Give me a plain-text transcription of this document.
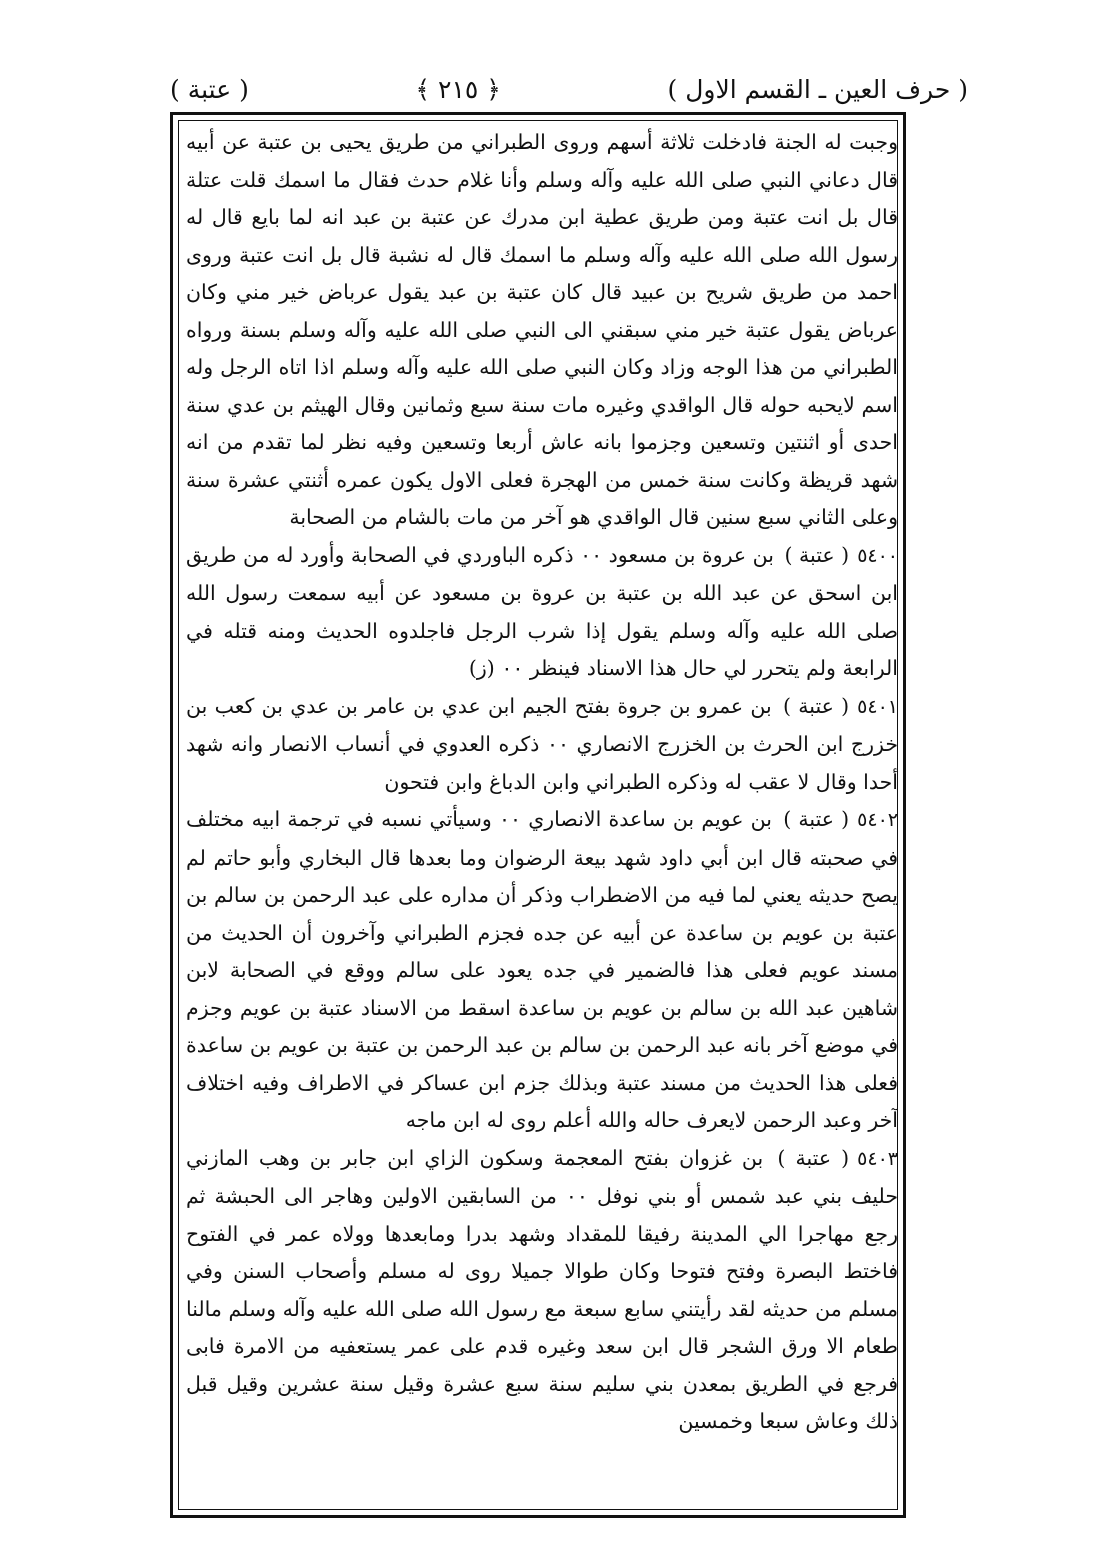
( حرف العين ـ القسم الاول )
﴿ ٢١٥ ﴾
( عتبة )

وجبت له الجنة فادخلت ثلاثة أسهم وروى الطبراني من طريق يحيى بن عتبة عن أبيه قال دعاني النبي صلى الله عليه وآله وسلم وأنا غلام حدث فقال ما اسمك قلت عتلة قال بل انت عتبة ومن طريق عطية ابن مدرك عن عتبة بن عبد انه لما بايع قال له رسول الله صلى الله عليه وآله وسلم ما اسمك قال له نشبة قال بل انت عتبة وروى احمد من طريق شريح بن عبيد قال كان عتبة بن عبد يقول عرباض خير مني وكان عرباض يقول عتبة خير مني سبقني الى النبي صلى الله عليه وآله وسلم بسنة ورواه الطبراني من هذا الوجه وزاد وكان النبي صلى الله عليه وآله وسلم اذا اتاه الرجل وله اسم لايحبه حوله قال الواقدي وغيره مات سنة سبع وثمانين وقال الهيثم بن عدي سنة احدى أو اثنتين وتسعين وجزموا بانه عاش أربعا وتسعين وفيه نظر لما تقدم من انه شهد قريظة وكانت سنة خمس من الهجرة فعلى الاول يكون عمره أثنتي عشرة سنة وعلى الثاني سبع سنين قال الواقدي هو آخر من مات بالشام من الصحابة

٥٤٠٠( عتبة ) بن عروة بن مسعود ٠٠ ذكره الباوردي في الصحابة وأورد له من طريق ابن اسحق عن عبد الله بن عتبة بن عروة بن مسعود عن أبيه سمعت رسول الله صلى الله عليه وآله وسلم يقول إذا شرب الرجل فاجلدوه الحديث ومنه قتله في الرابعة ولم يتحرر لي حال هذا الاسناد فينظر ٠٠ (ز)

٥٤٠١( عتبة ) بن عمرو بن جروة بفتح الجيم ابن عدي بن عامر بن عدي بن كعب بن خزرج ابن الحرث بن الخزرج الانصاري ٠٠ ذكره العدوي في أنساب الانصار وانه شهد أحدا وقال لا عقب له وذكره الطبراني وابن الدباغ وابن فتحون

٥٤٠٢( عتبة ) بن عويم بن ساعدة الانصاري ٠٠ وسيأتي نسبه في ترجمة ابيه مختلف في صحبته قال ابن أبي داود شهد بيعة الرضوان وما بعدها قال البخاري وأبو حاتم لم يصح حديثه يعني لما فيه من الاضطراب وذكر أن مداره على عبد الرحمن بن سالم بن عتبة بن عويم بن ساعدة عن أبيه عن جده فجزم الطبراني وآخرون أن الحديث من مسند عويم فعلى هذا فالضمير في جده يعود على سالم ووقع في الصحابة لابن شاهين عبد الله بن سالم بن عويم بن ساعدة اسقط من الاسناد عتبة بن عويم وجزم في موضع آخر بانه عبد الرحمن بن سالم بن عبد الرحمن بن عتبة بن عويم بن ساعدة فعلى هذا الحديث من مسند عتبة وبذلك جزم ابن عساكر في الاطراف وفيه اختلاف آخر وعبد الرحمن لايعرف حاله والله أعلم روى له ابن ماجه

٥٤٠٣( عتبة ) بن غزوان بفتح المعجمة وسكون الزاي ابن جابر بن وهب المازني حليف بني عبد شمس أو بني نوفل ٠٠ من السابقين الاولين وهاجر الى الحبشة ثم رجع مهاجرا الي المدينة رفيقا للمقداد وشهد بدرا ومابعدها وولاه عمر في الفتوح فاختط البصرة وفتح فتوحا وكان طوالا جميلا روى له مسلم وأصحاب السنن وفي مسلم من حديثه لقد رأيتني سابع سبعة مع رسول الله صلى الله عليه وآله وسلم مالنا طعام الا ورق الشجر قال ابن سعد وغيره قدم على عمر يستعفيه من الامرة فابى فرجع في الطريق بمعدن بني سليم سنة سبع عشرة وقيل سنة عشرين وقيل قبل ذلك وعاش سبعا وخمسين
